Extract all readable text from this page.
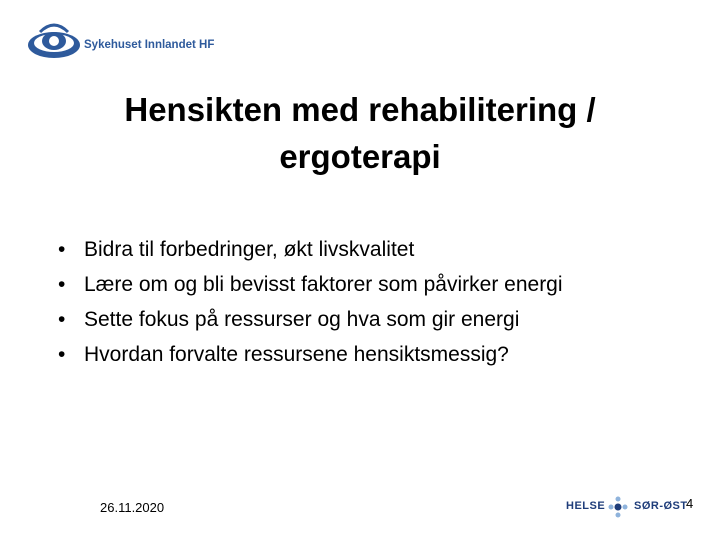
Sykehuset Innlandet HF
Hensikten med rehabilitering /
ergoterapi
• Bidra til forbedringer, økt livskvalitet
• Lære om og bli bevisst faktorer som påvirker energi
• Sette fokus på ressurser og hva som gir energi
• Hvordan forvalte ressursene hensiktsmessig?
26.11.2020	HELSE	SØR-ØST
4
